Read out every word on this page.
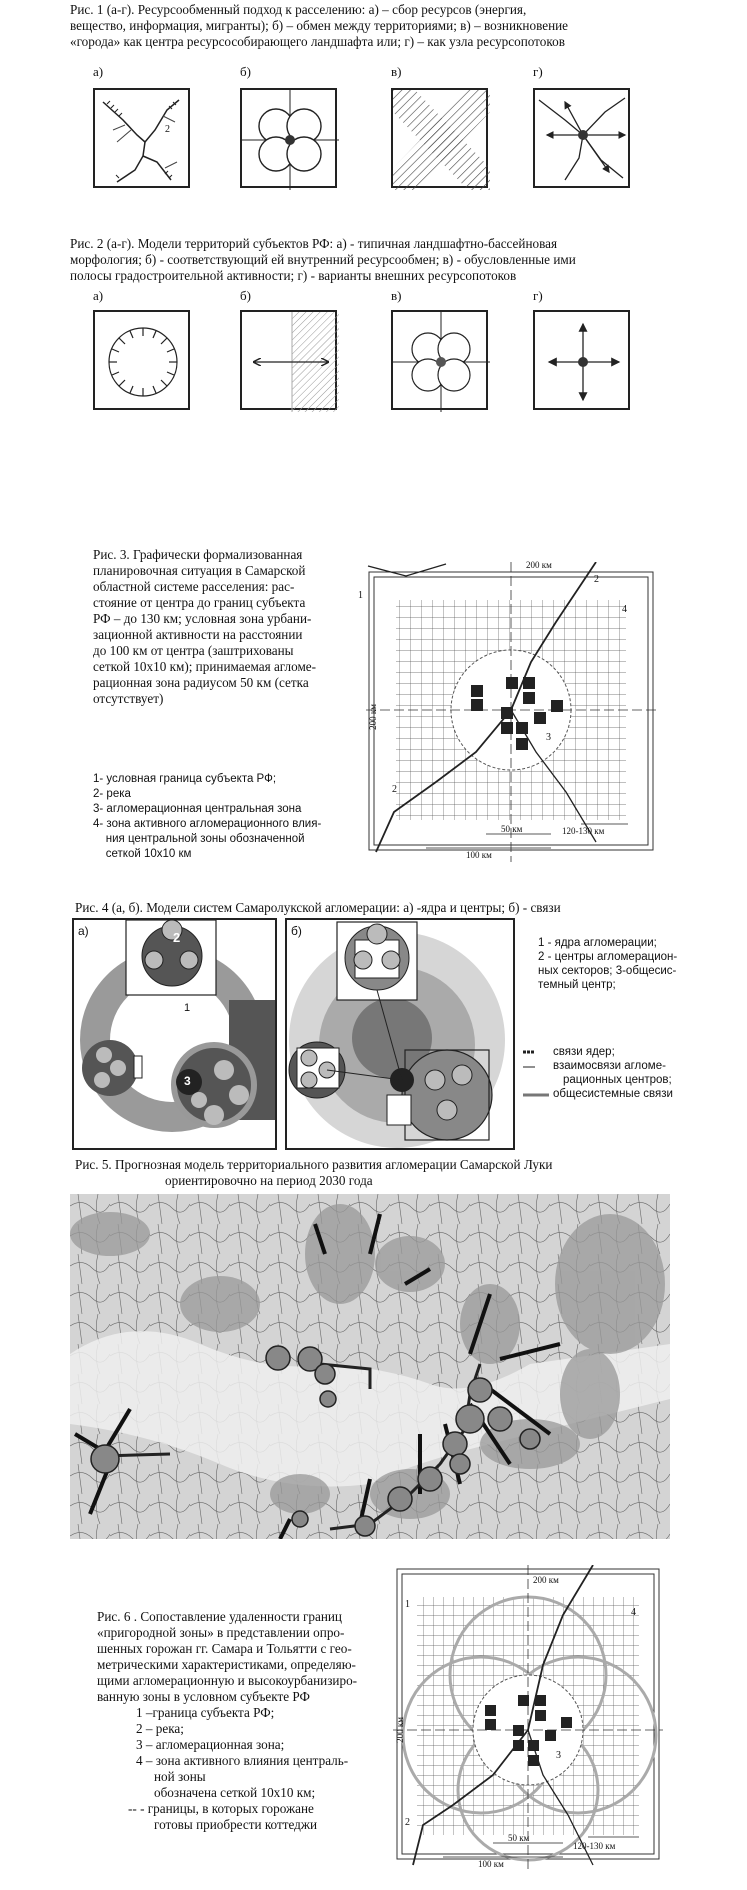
Рис. 1 (а-г). Ресурсообменный подход к расселению: а) – сбор ресурсов (энергия,
вещество, информация, мигранты); б) – обмен между территориями; в) – возникновение
«города» как центра ресурсособирающего ландшафта или; г) – как узла ресурсопотоков
а)	б)	в)	г)
2
Рис. 2 (а-г). Модели территорий субъектов РФ: а) - типичная ландшафтно-бассейновая
морфология; б) - соответствующий ей внутренний ресурсообмен; в) - обусловленные ими
полосы градостроительной активности; г) - варианты внешних ресурсопотоков
а)	б)	в)	г)
Рис. 3. Графически формализованная
планировочная ситуация в Самарской
областной системе расселения: рас-
стояние от центра до границ субъекта
РФ – до 130 км; условная зона урбани-
зационной активности на расстоянии
до 100 км от центра (заштрихованы
сеткой 10х10 км); принимаемая агломе-
рационная зона радиусом 50 км (сетка
отсутствует)
1- условная граница субъекта РФ;
2- река
3- агломерационная центральная зона
4- зона активного агломерационного влия-
ния центральной зоны обозначенной
сеткой 10х10 км
200 км
200 км
50 км
100 км
120-130 км
1
2
2
3
4
Рис. 4 (а, б). Модели систем Самаролукской агломерации: а) -ядра и центры; б) - связи
а)	2
1
3
б)
1 - ядра агломерации;
2 - центры агломерацион-
ных секторов; 3-общесис-
темный центр;
связи ядер;
взаимосвязи агломе-
рационных центров;
общесистемные связи
Рис. 5. Прогнозная модель территориального развития агломерации Самарской Луки
ориентировочно на период 2030 года
Рис. 6 . Сопоставление удаленности границ
«пригородной зоны» в представлении опро-
шенных горожан гг. Самара и Тольятти с гео-
метрическими характеристиками, определяю-
щими агломерационную и высокоурбанизиро-
ванную зоны в условном субъекте РФ
1 –граница субъекта РФ;
2 – река;
3 – агломерационная зона;
4 – зона активного влияния централь-
ной зоны
обозначена сеткой 10х10 км;
-- - границы, в которых горожане
готовы приобрести коттеджи
200 км
200 км
50 км
100 км
120-130 км
1
2
3
4
